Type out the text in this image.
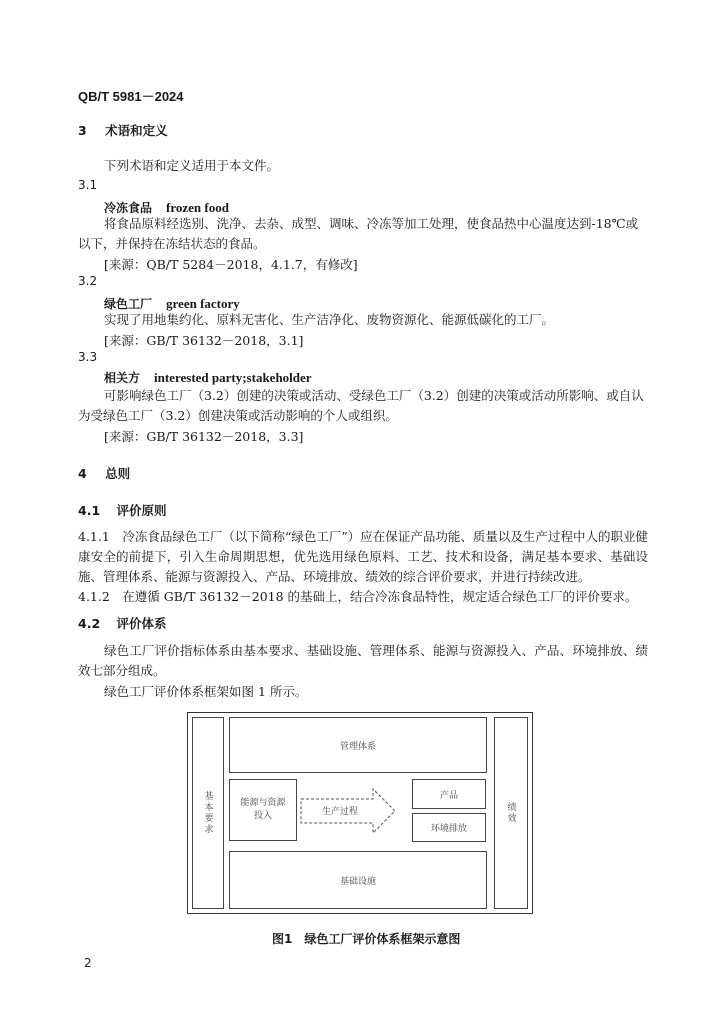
QB/T 5981－2024
3 术语和定义
下列术语和定义适用于本文件。
3.1
冷冻食品 frozen food
将食品原料经选别、洗净、去杂、成型、调味、冷冻等加工处理，使食品热中心温度达到-18℃或
以下，并保持在冻结状态的食品。
[来源：QB/T 5284－2018，4.1.7，有修改]
3.2
绿色工厂 green factory
实现了用地集约化、原料无害化、生产洁净化、废物资源化、能源低碳化的工厂。
[来源：GB/T 36132－2018，3.1]
3.3
相关方 interested party;stakeholder
可影响绿色工厂（3.2）创建的决策或活动、受绿色工厂（3.2）创建的决策或活动所影响、或自认
为受绿色工厂（3.2）创建决策或活动影响的个人或组织。
[来源：GB/T 36132－2018，3.3]
4 总则
4.1 评价原则
4.1.1　冷冻食品绿色工厂（以下简称“绿色工厂”）应在保证产品功能、质量以及生产过程中人的职业健康安全的前提下，引入生命周期思想，优先选用绿色原料、工艺、技术和设备，满足基本要求、基础设施、管理体系、能源与资源投入、产品、环境排放、绩效的综合评价要求，并进行持续改进。
4.1.2　在遵循 GB/T 36132－2018 的基础上，结合冷冻食品特性，规定适合绿色工厂的评价要求。
4.2 评价体系
绿色工厂评价指标体系由基本要求、基础设施、管理体系、能源与资源投入、产品、环境排放、绩效七部分组成。
绿色工厂评价体系框架如图 1 所示。
基本要求
管理体系
能源与资源
投入	生产过程
产品
环境排放
绩效
基础设施
图1　绿色工厂评价体系框架示意图
2
